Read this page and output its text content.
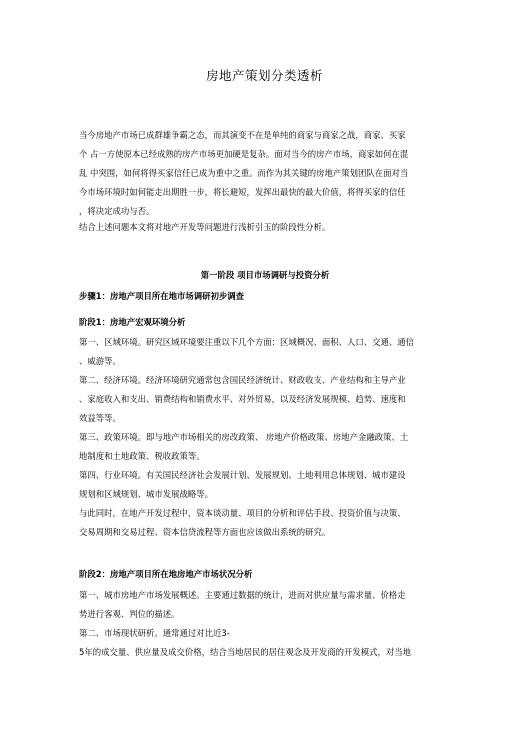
房地产策划分类透析
当今房地产市场已成群雄争霸之态，而其演变不在是单纯的商家与商家之战，商家、买家
个 占一方使原本已经成熟的房产市场更加硬是复杂。面对当今的房产市场，商家如何在混
乱 中突围，如何将得买家信任已成为重中之重。而作为其关键的房地产策划团队在面对当
今市场环境时如何能走出期胜一步，将长避短，发挥出最快的最大价值，将得买家的信任
，将决定成功与否。
结合上述问题本文将对地产开发等问题进行浅析引玉的阶段性分析。
第一阶段 项目市场调研与投资分析
步骤1：房地产项目所在地市场调研初步调查
阶段1：房地产宏观环境分析
第一、区域环境。研究区域环境要注重以下几个方面：区域概况、面积、人口、交通、通信
、威游等。
第二、经济环境。经济环境研究通常包含国民经济统计、财政收支、产业结构和主导产业
、家庭收入和支出、销费结构和销费水平、对外贸易，以及经济发展规模、趋势、速度和
效益等等。
第三、政策环境。即与地产市场相关的房改政策、 房地产价格政策、房地产金融政策、土
地制度和土地政策、税收政策等。
第四、行业环境。有关国民经济社会发展计划、发展规划、土地利用总体规划、城市建设
规划和区域规划、城市发展战略等。
与此同时，在地产开发过程中，资本谈动量、项目的分析和评估手段、投资价值与决策、
交易周期和交易过程、资本信贷流程等方面也应该做出系统的研究。
阶段2：房地产项目所在地房地产市场状况分析
第一、城市房地产市场发展概述。主要通过数据的统计，进而对供应量与需求量、价格走
势进行客观、判位的描述。
第二、市场现状研析。通常通过对比近3-
5年的成交量、供应量及成交价格，结合当地居民的居住观念及开发商的开发模式，对当地
